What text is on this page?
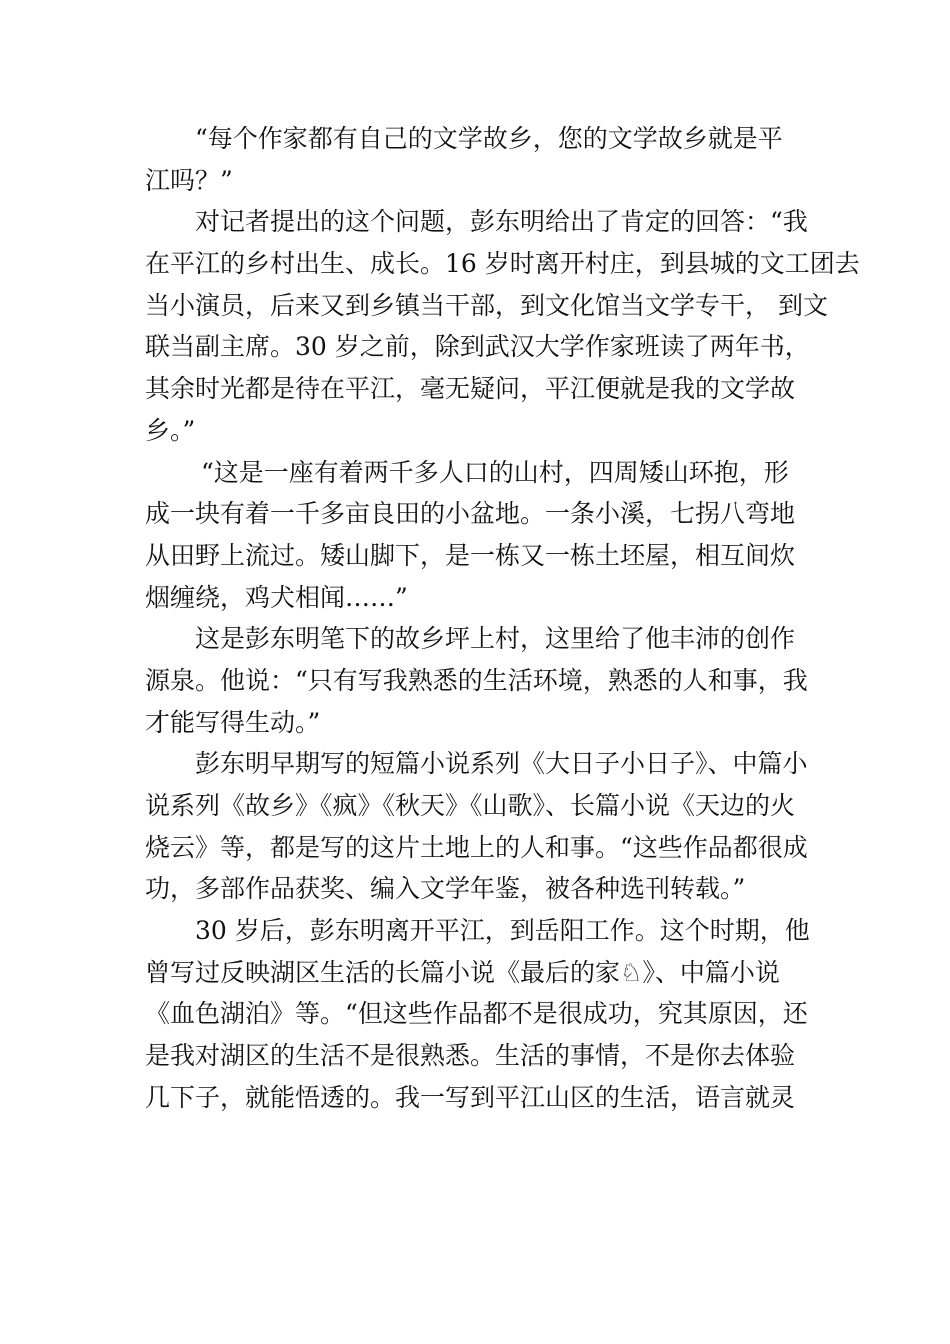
“每个作家都有自己的文学故乡，您的文学故乡就是平
江吗？”

对记者提出的这个问题，彭东明给出了肯定的回答：“我
在平江的乡村出生、成长。16 岁时离开村庄，到县城的文工团去
当小演员，后来又到乡镇当干部，到文化馆当文学专干， 到文
联当副主席。30 岁之前，除到武汉大学作家班读了两年书，
其余时光都是待在平江，毫无疑问，平江便就是我的文学故
乡。”

“这是一座有着两千多人口的山村，四周矮山环抱，形
成一块有着一千多亩良田的小盆地。一条小溪，七拐八弯地
从田野上流过。矮山脚下，是一栋又一栋土坯屋，相互间炊
烟缠绕，鸡犬相闻……”

这是彭东明笔下的故乡坪上村，这里给了他丰沛的创作
源泉。他说：“只有写我熟悉的生活环境，熟悉的人和事，我
才能写得生动。”

彭东明早期写的短篇小说系列《大日子小日子》、中篇小
说系列《故乡》《疯》《秋天》《山歌》、长篇小说《天边的火
烧云》等，都是写的这片土地上的人和事。“这些作品都很成
功，多部作品获奖、编入文学年鉴，被各种选刊转载。”

30 岁后，彭东明离开平江，到岳阳工作。这个时期，他
曾写过反映湖区生活的长篇小说《最后的家♘》、中篇小说
《血色湖泊》等。“但这些作品都不是很成功，究其原因，还
是我对湖区的生活不是很熟悉。生活的事情，不是你去体验
几下子，就能悟透的。我一写到平江山区的生活，语言就灵
